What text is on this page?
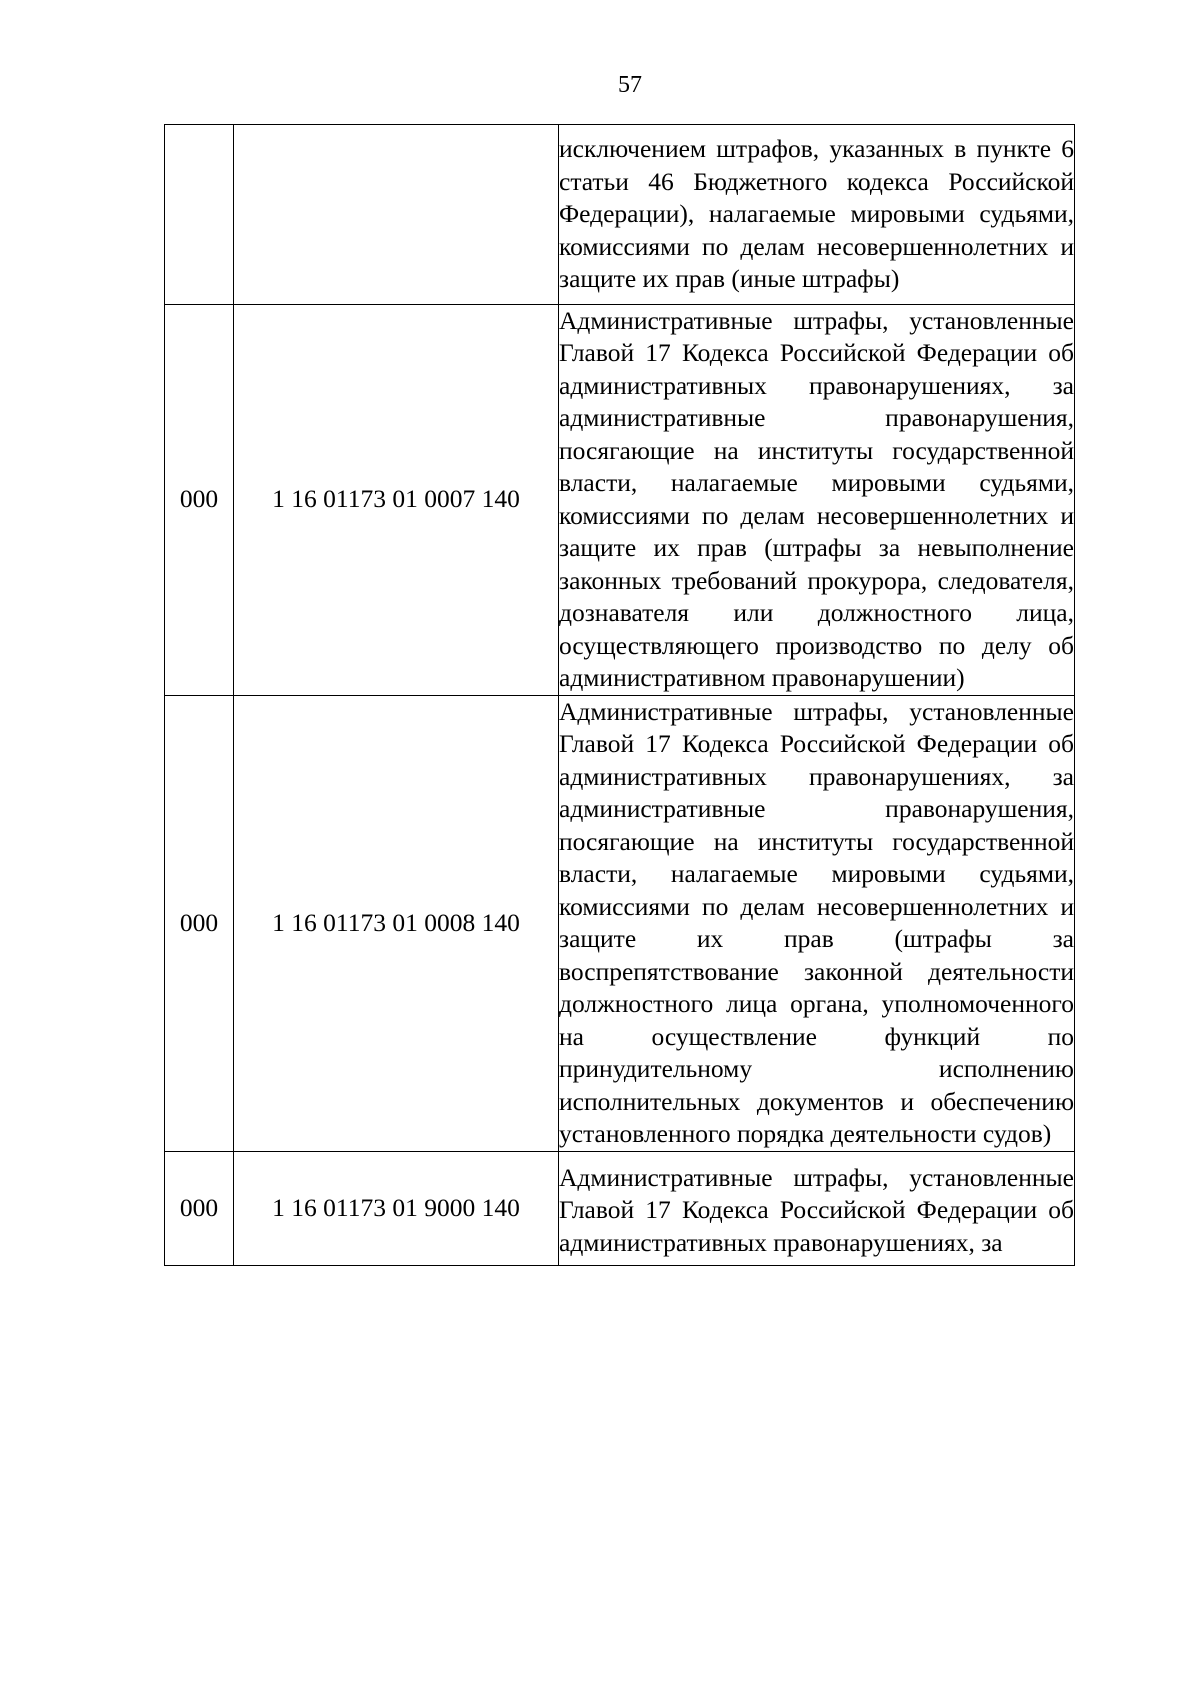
57

		исключением штрафов, указанных в пункте 6 статьи 46 Бюджетного кодекса Российской Федерации), налагаемые мировыми судьями, комиссиями по делам несовершеннолетних и защите их прав (иные штрафы)

000	1 16 01173 01 0007 140	Административные штрафы, установленные Главой 17 Кодекса Российской Федерации об административных правонарушениях, за административные правонарушения, посягающие на институты государственной власти, налагаемые мировыми судьями, комиссиями по делам несовершеннолетних и защите их прав (штрафы за невыполнение законных требований прокурора, следователя, дознавателя или должностного лица, осуществляющего производство по делу об административном правонарушении)

000	1 16 01173 01 0008 140	Административные штрафы, установленные Главой 17 Кодекса Российской Федерации об административных правонарушениях, за административные правонарушения, посягающие на институты государственной власти, налагаемые мировыми судьями, комиссиями по делам несовершеннолетних и защите их прав (штрафы за воспрепятствование законной деятельности должностного лица органа, уполномоченного на осуществление функций по принудительному исполнению исполнительных документов и обеспечению установленного порядка деятельности судов)

000	1 16 01173 01 9000 140	Административные штрафы, установленные Главой 17 Кодекса Российской Федерации об административных правонарушениях, за
